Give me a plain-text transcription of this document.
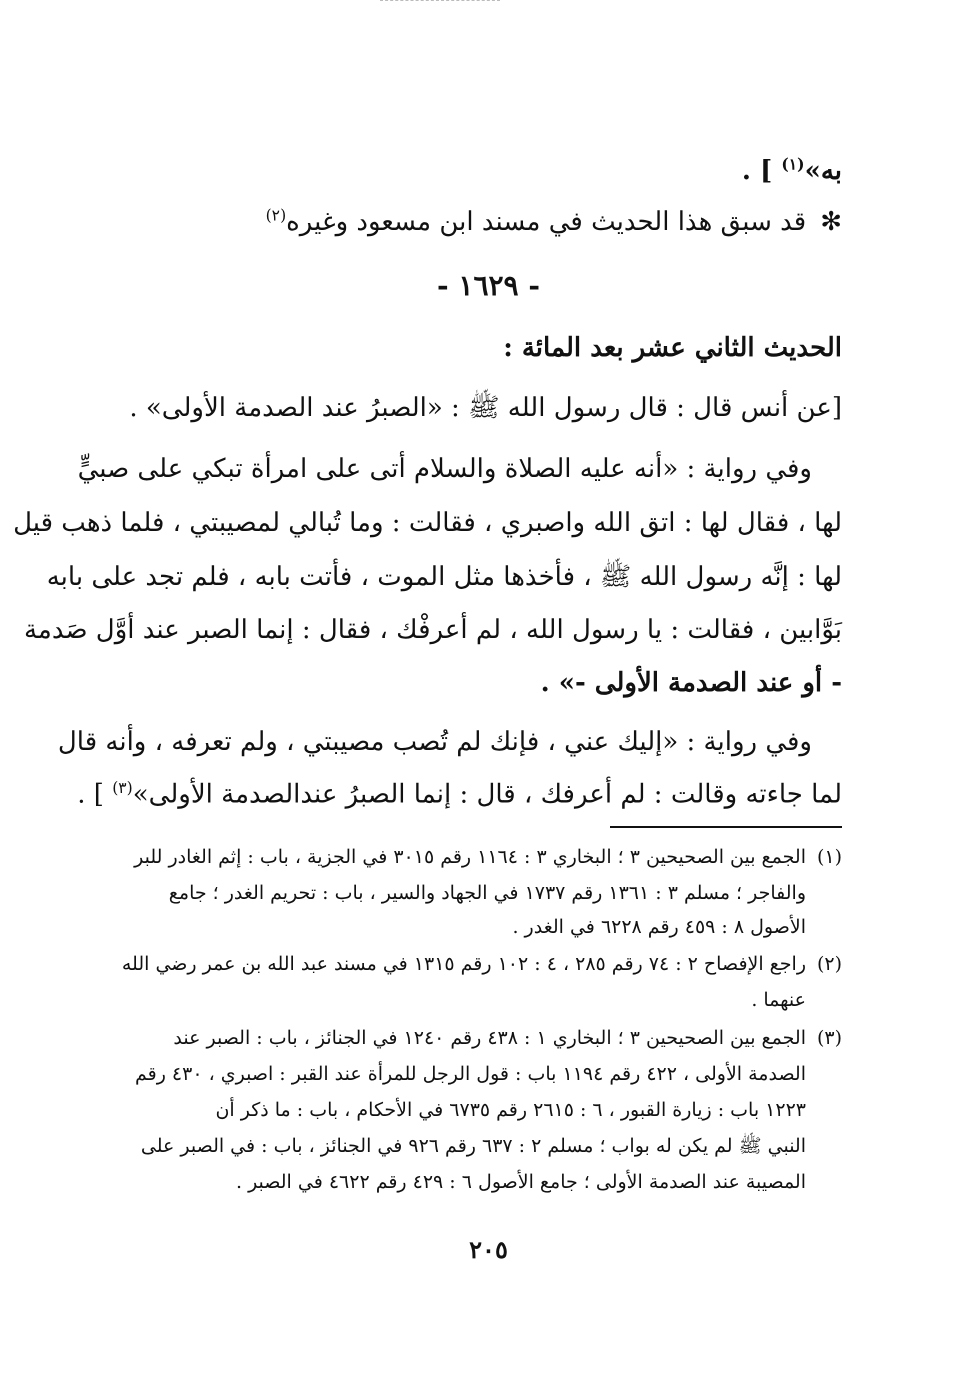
به»$^{(١)}$ ] .
✻قد سبق هذا الحديث في مسند ابن مسعود وغيره$^{(٢)}$
- ١٦٢٩ -
الحديث الثاني عشر بعد المائة :
[عن أنس قال : قال رسول الله ﷺ : «الصبرُ عند الصدمة الأولى» .
وفي رواية : «أنه عليه الصلاة والسلام أتى على امرأة تبكي على صبيٍّ
لها ، فقال لها : اتق الله واصبري ، فقالت : وما تُبالي لمصيبتي ، فلما ذهب قيل
لها : إنَّه رسول الله ﷺ ، فأخذها مثل الموت ، فأتت بابه ، فلم تجد على بابه
بَوَّابين ، فقالت : يا رسول الله ، لم أعرفْك ، فقال : إنما الصبر عند أوَّل صَدمة
- أو عند الصدمة الأولى -» .
وفي رواية : «إليك عني ، فإنك لم تُصب مصيبتي ، ولم تعرفه ، وأنه قال
لما جاءته وقالت : لم أعرفك ، قال : إنما الصبرُ عندالصدمة الأولى»$^{(٣)}$ ] .
(١)الجمع بين الصحيحين ٣ ؛ البخاري ٣ : ١١٦٤ رقم ٣٠١٥ في الجزية ، باب : إثم الغادر للبر
والفاجر ؛ مسلم ٣ : ١٣٦١ رقم ١٧٣٧ في الجهاد والسير ، باب : تحريم الغدر ؛ جامع
الأصول ٨ : ٤٥٩ رقم ٦٢٢٨ في الغدر .
(٢)راجع الإفصاح ٢ : ٧٤ رقم ٢٨٥ ، ٤ : ١٠٢ رقم ١٣١٥ في مسند عبد الله بن عمر رضي الله
عنهما .
(٣)الجمع بين الصحيحين ٣ ؛ البخاري ١ : ٤٣٨ رقم ١٢٤٠ في الجنائز ، باب : الصبر عند
الصدمة الأولى ، ٤٢٢ رقم ١١٩٤ باب : قول الرجل للمرأة عند القبر : اصبري ، ٤٣٠ رقم
١٢٢٣ باب : زيارة القبور ، ٦ : ٢٦١٥ رقم ٦٧٣٥ في الأحكام ، باب : ما ذكر أن
النبي ﷺ لم يكن له بواب ؛ مسلم ٢ : ٦٣٧ رقم ٩٢٦ في الجنائز ، باب : في الصبر على
المصيبة عند الصدمة الأولى ؛ جامع الأصول ٦ : ٤٢٩ رقم ٤٦٢٢ في الصبر .
٢٠٥
